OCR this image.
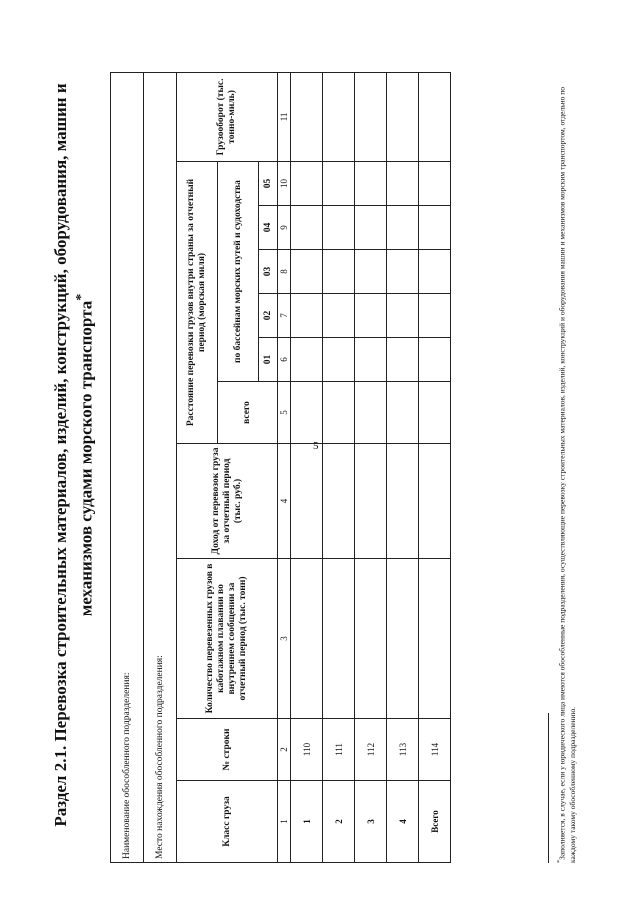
5
Раздел 2.1. Перевозка строительных материалов, изделий, конструкций, оборудования, машин и механизмов судами морского транспорта*
Наименование обособленного подразделения:										
Место нахождения обособленного подразделения:										
Класс груза	№ строки	Количество перевезенных грузов в каботажном плавании во внутреннем сообщении за отчетный период (тыс. тонн)	Доход от перевозок груза за отчетный период (тыс. руб.)	Расстояние перевозки грузов внутри страны за отчетный период (морская миля)						Грузооборот (тыс. тонно-миль)
				всего	по бассейнам морских путей и судоходства					
					01	02	03	04	05	
1	2	3	4	5	6	7	8	9	10	11
1	110									
2	111									
3	112									
4	113									
Всего	114									
*Заполняется, в случае, если у юридического лица имеются обособленные подразделения, осуществляющие перевозку строительных материалов, изделий, конструкций и оборудования машин и механизмов морским транспортом, отдельно по каждому такому обособленному подразделению.
